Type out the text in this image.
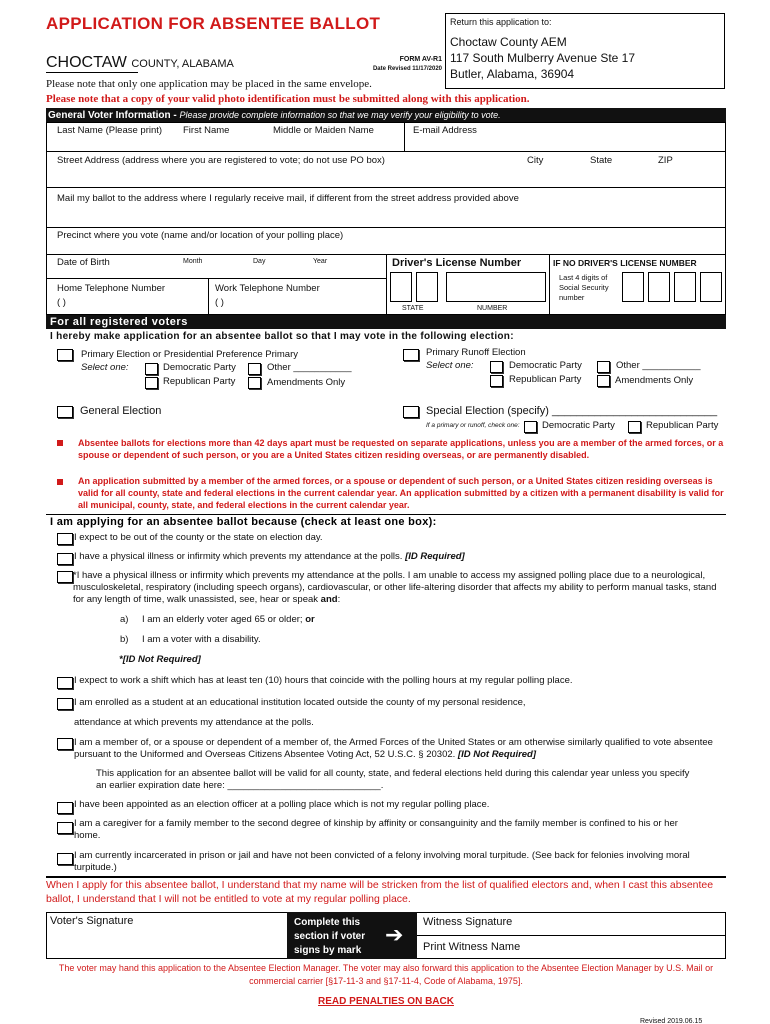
APPLICATION FOR ABSENTEE BALLOT
CHOCTAW COUNTY, ALABAMA	FORM AV-R1
Date Revised 11/17/2020
Return this application to:
Choctaw County AEM
117 South Mulberry Avenue Ste 17
Butler, Alabama, 36904
Please note that only one application may be placed in the same envelope.
Please note that a copy of your valid photo identification must be submitted along with this application.
General Voter Information - Please provide complete information so that we may verify your eligibility to vote.
Last Name (Please print) First Name	Middle or Maiden Name	E-mail Address
Street Address (address where you are registered to vote; do not use PO box)	City	State	ZIP
Mail my ballot to the address where I regularly receive mail, if different from the street address provided above
Precinct where you vote (name and/or location of your polling place)
Date of Birth	Month	Day	Year
Home Telephone Number
( )
Work Telephone Number
( )
Driver's License Number
STATE	NUMBER
IF NO DRIVER'S LICENSE NUMBER
Last 4 digits of Social Security number
For all registered voters
I hereby make application for an absentee ballot so that I may vote in the following election:
Primary Election or Presidential Preference Primary
Select one:	Democratic Party	Other ___________
Republican Party	Amendments Only
Primary Runoff Election
Select one:	Democratic Party	Other ___________
Republican Party	Amendments Only
General Election	Special Election (specify) ___________________________
If a primary or runoff, check one: Democratic Party	Republican Party
Absentee ballots for elections more than 42 days apart must be requested on separate applications, unless you are a member of the armed forces, or a spouse or dependent of such person, or you are a United States citizen residing overseas, or are permanently disabled.
An application submitted by a member of the armed forces, or a spouse or dependent of such person, or a United States citizen residing overseas is valid for all county, state and federal elections in the current calendar year. An application submitted by a citizen with a permanent disability is valid for all municipal, county, state, and federal elections in the current calendar year.
I am applying for an absentee ballot because (check at least one box):
I expect to be out of the county or the state on election day.
I have a physical illness or infirmity which prevents my attendance at the polls. [ID Required]
*I have a physical illness or infirmity which prevents my attendance at the polls. I am unable to access my assigned polling place due to a neurological, musculoskeletal, respiratory (including speech organs), cardiovascular, or other life-altering disorder that affects my ability to perform manual tasks, stand for any length of time, walk unassisted, see, hear or speak and:
a) I am an elderly voter aged 65 or older; or
b) I am a voter with a disability.
*[ID Not Required]
I expect to work a shift which has at least ten (10) hours that coincide with the polling hours at my regular polling place.
I am enrolled as a student at an educational institution located outside the county of my personal residence,
attendance at which prevents my attendance at the polls.
I am a member of, or a spouse or dependent of a member of, the Armed Forces of the United States or am otherwise similarly qualified to vote absentee pursuant to the Uniformed and Overseas Citizens Absentee Voting Act, 52 U.S.C. § 20302. [ID Not Required]
This application for an absentee ballot will be valid for all county, state, and federal elections held during this calendar year unless you specify an earlier expiration date here: _____________________________.
I have been appointed as an election officer at a polling place which is not my regular polling place.
I am a caregiver for a family member to the second degree of kinship by affinity or consanguinity and the family member is confined to his or her home.
I am currently incarcerated in prison or jail and have not been convicted of a felony involving moral turpitude. (See back for felonies involving moral turpitude.)
When I apply for this absentee ballot, I understand that my name will be stricken from the list of qualified electors and, when I cast this absentee ballot, I understand that I will not be entitled to vote at my regular polling place.
Voter's Signature	Complete this section if voter signs by mark
➔ Witness Signature
Print Witness Name
The voter may hand this application to the Absentee Election Manager. The voter may also forward this application to the Absentee Election Manager by U.S. Mail or commercial carrier [§17-11-3 and §17-11-4, Code of Alabama, 1975].
READ PENALTIES ON BACK
Revised 2019.06.15
